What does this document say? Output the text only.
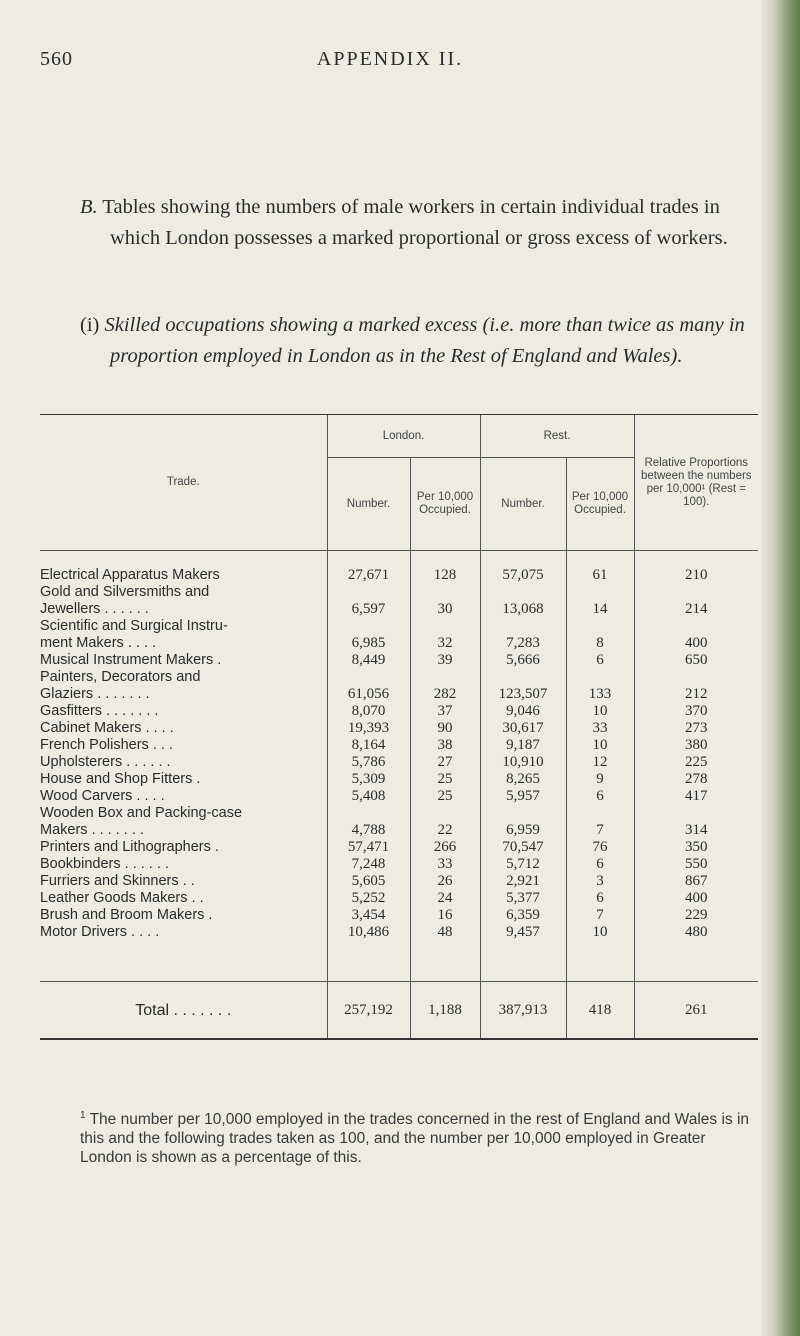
560	APPENDIX II.

B. Tables showing the numbers of male workers in certain individual trades in which London possesses a marked proportional or gross excess of workers.

(i) Skilled occupations showing a marked excess (i.e. more than twice as many in proportion employed in London as in the Rest of England and Wales).

Trade.	London.		Rest.		Relative Proportions between the numbers per 10,000¹ (Rest = 100).
	Number.	Per 10,000 Occupied.	Number.	Per 10,000 Occupied.	
Electrical Apparatus Makers	27,671	128	57,075	61	210
Gold and Silversmiths and					
Jewellers . . . . . .	6,597	30	13,068	14	214
Scientific and Surgical Instru-					
ment Makers . . . .	6,985	32	7,283	8	400
Musical Instrument Makers .	8,449	39	5,666	6	650
Painters, Decorators and					
Glaziers . . . . . . .	61,056	282	123,507	133	212
Gasfitters . . . . . . .	8,070	37	9,046	10	370
Cabinet Makers . . . .	19,393	90	30,617	33	273
French Polishers . . .	8,164	38	9,187	10	380
Upholsterers . . . . . .	5,786	27	10,910	12	225
House and Shop Fitters .	5,309	25	8,265	9	278
Wood Carvers . . . .	5,408	25	5,957	6	417
Wooden Box and Packing-case					
Makers . . . . . . .	4,788	22	6,959	7	314
Printers and Lithographers .	57,471	266	70,547	76	350
Bookbinders . . . . . .	7,248	33	5,712	6	550
Furriers and Skinners . .	5,605	26	2,921	3	867
Leather Goods Makers . .	5,252	24	5,377	6	400
Brush and Broom Makers .	3,454	16	6,359	7	229
Motor Drivers . . . .	10,486	48	9,457	10	480

Total . . . . . . .	257,192	1,188	387,913	418	261

$^1$ The number per 10,000 employed in the trades concerned in the rest of England and Wales is in this and the following trades taken as 100, and the number per 10,000 employed in Greater London is shown as a percentage of this.
